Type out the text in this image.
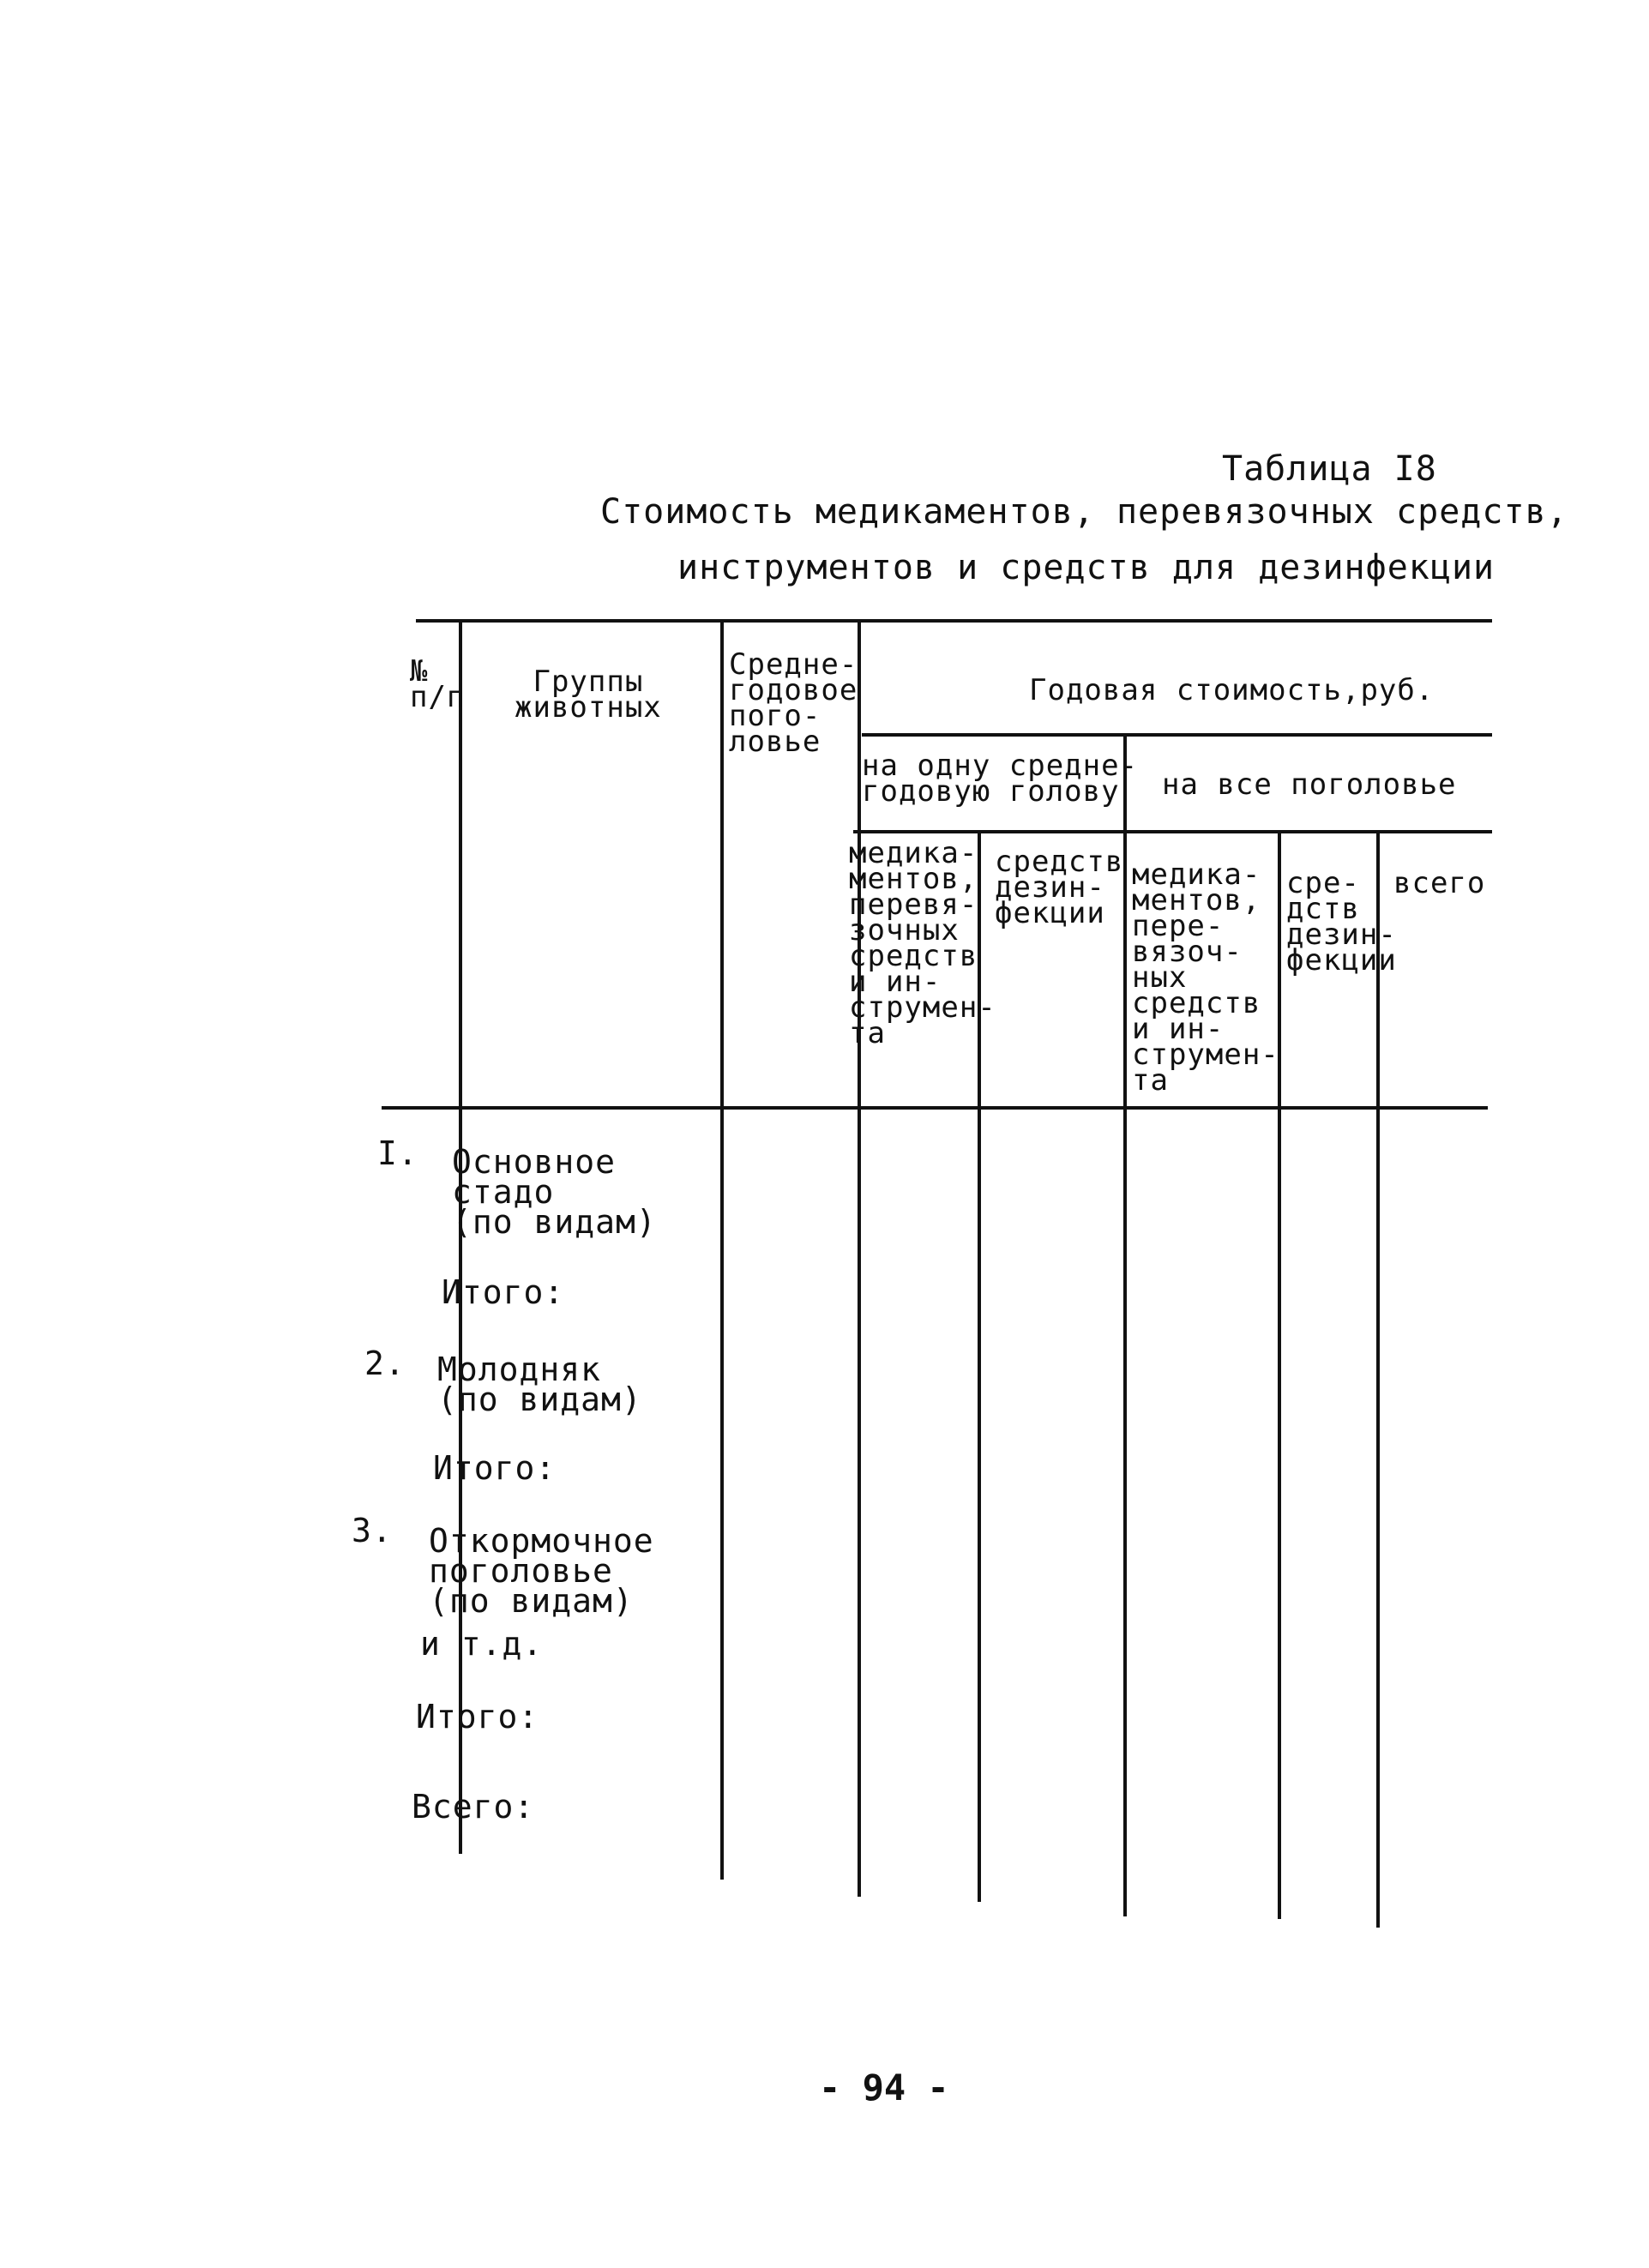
Таблица I8
Стоимость медикаментов, перевязочных средств,
инструментов и средств для дезинфекции
№
п/п	Группы
животных
Средне-
годовое
пого-
ловье
Годовая стоимость,руб.
на одну средне-
годовую голову	на все поголовье
медика-
ментов,
перевя-
зочных
средств
и ин-
струмен-
та
средств
дезин-
фекции
медика-
ментов,
пере-
вязоч-
ных
средств
и ин-
струмен-
та
сре-
дств
дезин-
фекции
всего
I. Основное
стадо
(по видам)
Итого:
2. Молодняк
(по видам)
Итого:
3. Откормочное
поголовье
(по видам)
и т.д.
Итого:
Всего:
- 94 -
